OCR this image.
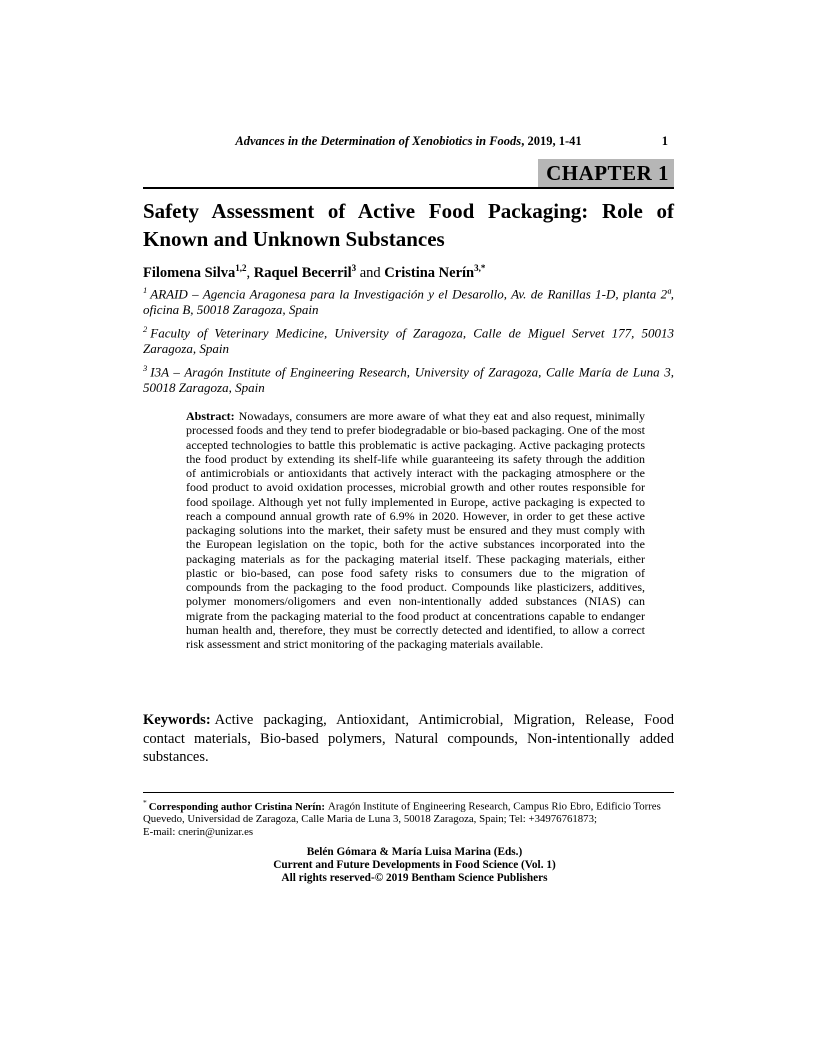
Advances in the Determination of Xenobiotics in Foods, 2019, 1-41	1
CHAPTER 1
Safety Assessment of Active Food Packaging: Role of Known and Unknown Substances
Filomena Silva$^{1,2}$, Raquel Becerril$^3$ and Cristina Nerín$^{3,*}$

$^1$ ARAID – Agencia Aragonesa para la Investigación y el Desarollo, Av. de Ranillas 1-D, planta 2ª, oficina B, 50018 Zaragoza, Spain

$^2$ Faculty of Veterinary Medicine, University of Zaragoza, Calle de Miguel Servet 177, 50013 Zaragoza, Spain

$^3$ I3A – Aragón Institute of Engineering Research, University of Zaragoza, Calle María de Luna 3, 50018 Zaragoza, Spain

Abstract: Nowadays, consumers are more aware of what they eat and also request, minimally processed foods and they tend to prefer biodegradable or bio-based packaging. One of the most accepted technologies to battle this problematic is active packaging. Active packaging protects the food product by extending its shelf-life while guaranteeing its safety through the addition of antimicrobials or antioxidants that actively interact with the packaging atmosphere or the food product to avoid oxidation processes, microbial growth and other routes responsible for food spoilage. Although yet not fully implemented in Europe, active packaging is expected to reach a compound annual growth rate of 6.9% in 2020. However, in order to get these active packaging solutions into the market, their safety must be ensured and they must comply with the European legislation on the topic, both for the active substances incorporated into the packaging materials as for the packaging material itself. These packaging materials, either plastic or bio-based, can pose food safety risks to consumers due to the migration of compounds from the packaging to the food product. Compounds like plasticizers, additives, polymer monomers/oligomers and even non-intentionally added substances (NIAS) can migrate from the packaging material to the food product at concentrations capable to endanger human health and, therefore, they must be correctly detected and identified, to allow a correct risk assessment and strict monitoring of the packaging materials available.
Keywords: Active packaging, Antioxidant, Antimicrobial, Migration, Release, Food contact materials, Bio-based polymers, Natural compounds, Non-intentionally added substances.
* Corresponding author Cristina Nerín: Aragón Institute of Engineering Research, Campus Rio Ebro, Edificio Torres Quevedo, Universidad de Zaragoza, Calle Maria de Luna 3, 50018 Zaragoza, Spain; Tel: +34976761873;
E-mail: cnerin@unizar.es
Belén Gómara & María Luisa Marina (Eds.)
Current and Future Developments in Food Science (Vol. 1)
All rights reserved-© 2019 Bentham Science Publishers
